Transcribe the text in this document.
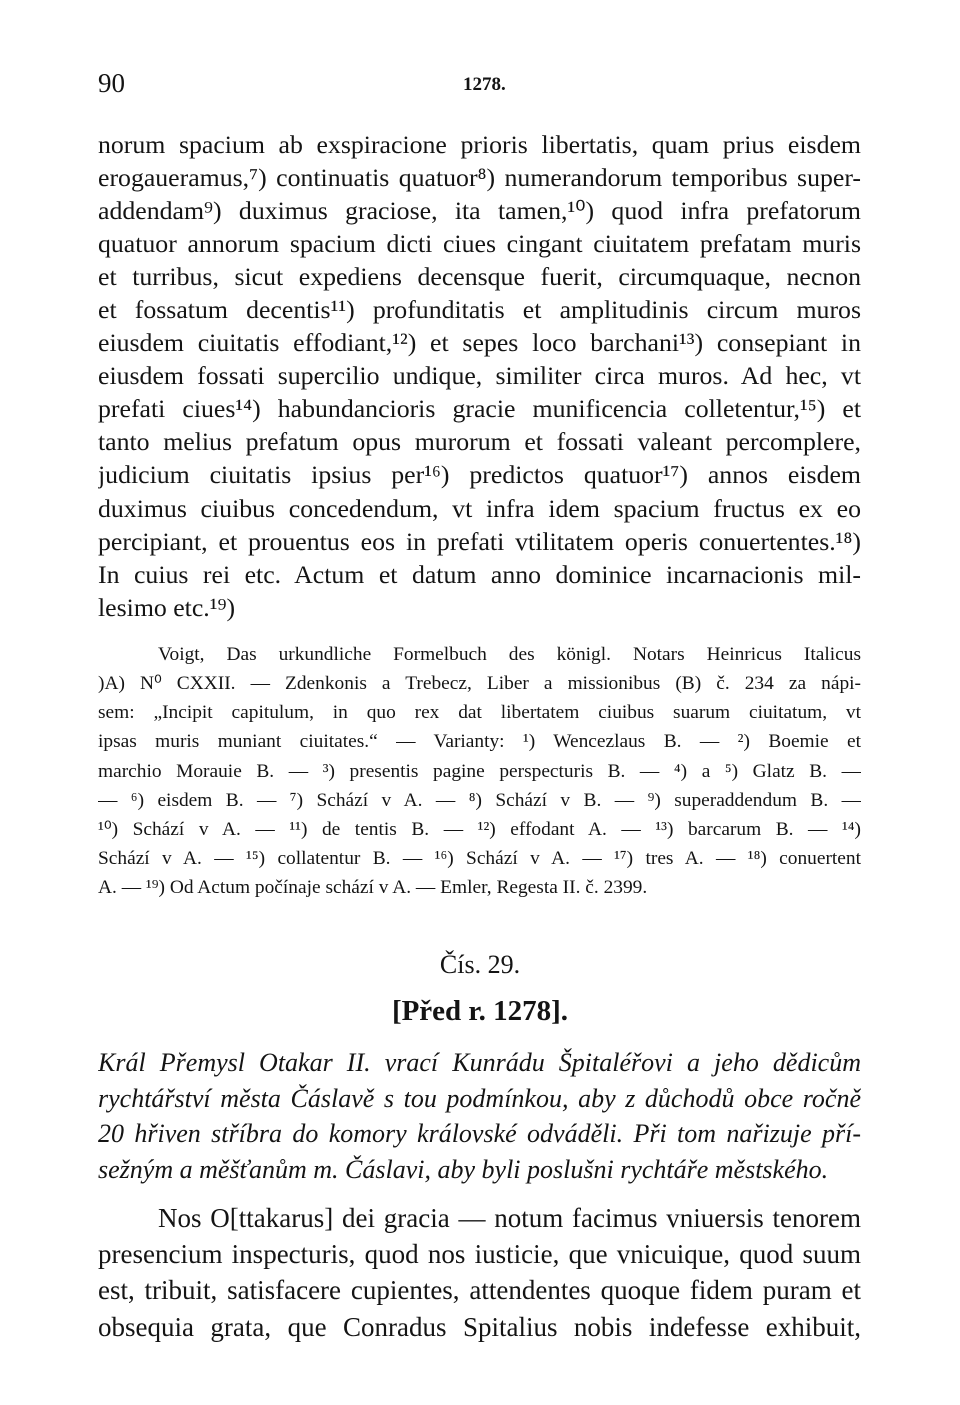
90	1278.
norum spacium ab exspiracione prioris libertatis, quam prius eisdem
erogaueramus,⁷) continuatis quatuor⁸) numerandorum temporibus super-
addendam⁹) duximus graciose, ita tamen,¹⁰) quod infra prefatorum
quatuor annorum spacium dicti ciues cingant ciuitatem prefatam muris
et turribus, sicut expediens decensque fuerit, circumquaque, necnon
et fossatum decentis¹¹) profunditatis et amplitudinis circum muros
eiusdem ciuitatis effodiant,¹²) et sepes loco barchani¹³) consepiant in
eiusdem fossati supercilio undique, similiter circa muros. Ad hec, vt
prefati ciues¹⁴) habundancioris gracie munificencia colletentur,¹⁵) et
tanto melius prefatum opus murorum et fossati valeant percomplere,
judicium ciuitatis ipsius per¹⁶) predictos quatuor¹⁷) annos eisdem
duximus ciuibus concedendum, vt infra idem spacium fructus ex eo
percipiant, et prouentus eos in prefati vtilitatem operis conuertentes.¹⁸)
In cuius rei etc. Actum et datum anno dominice incarnacionis mil-
lesimo etc.¹⁹)
Voigt, Das urkundliche Formelbuch des königl. Notars Heinricus Italicus
)A) N⁰ CXXII. — Zdenkonis a Trebecz, Liber a missionibus (B) č. 234 za nápi-
sem: „Incipit capitulum, in quo rex dat libertatem ciuibus suarum ciuitatum, vt
ipsas muris muniant ciuitates.“ — Varianty: ¹) Wencezlaus B. — ²) Boemie et
marchio Morauie B. — ³) presentis pagine perspecturis B. — ⁴) a ⁵) Glatz B. —
— ⁶) eisdem B. — ⁷) Schází v A. — ⁸) Schází v B. — ⁹) superaddendum B. —
¹⁰) Schází v A. — ¹¹) de tentis B. — ¹²) effodant A. — ¹³) barcarum B. — ¹⁴)
Schází v A. — ¹⁵) collatentur B. — ¹⁶) Schází v A. — ¹⁷) tres A. — ¹⁸) conuertent
A. — ¹⁹) Od Actum počínaje schází v A. — Emler, Regesta II. č. 2399.
Čís. 29.
[Před r. 1278].
Král Přemysl Otakar II. vrací Kunrádu Špitaléřovi a jeho dědicům
rychtářství města Čáslavě s tou podmínkou, aby z důchodů obce ročně
20 hřiven stříbra do komory královské odváděli. Při tom nařizuje pří-
sežným a měšťanům m. Čáslavi, aby byli poslušni rychtáře městského.
Nos O[ttakarus] dei gracia — notum facimus vniuersis tenorem
presencium inspecturis, quod nos iusticie, que vnicuique, quod suum
est, tribuit, satisfacere cupientes, attendentes quoque fidem puram et
obsequia grata, que Conradus Spitalius nobis indefesse exhibuit,
